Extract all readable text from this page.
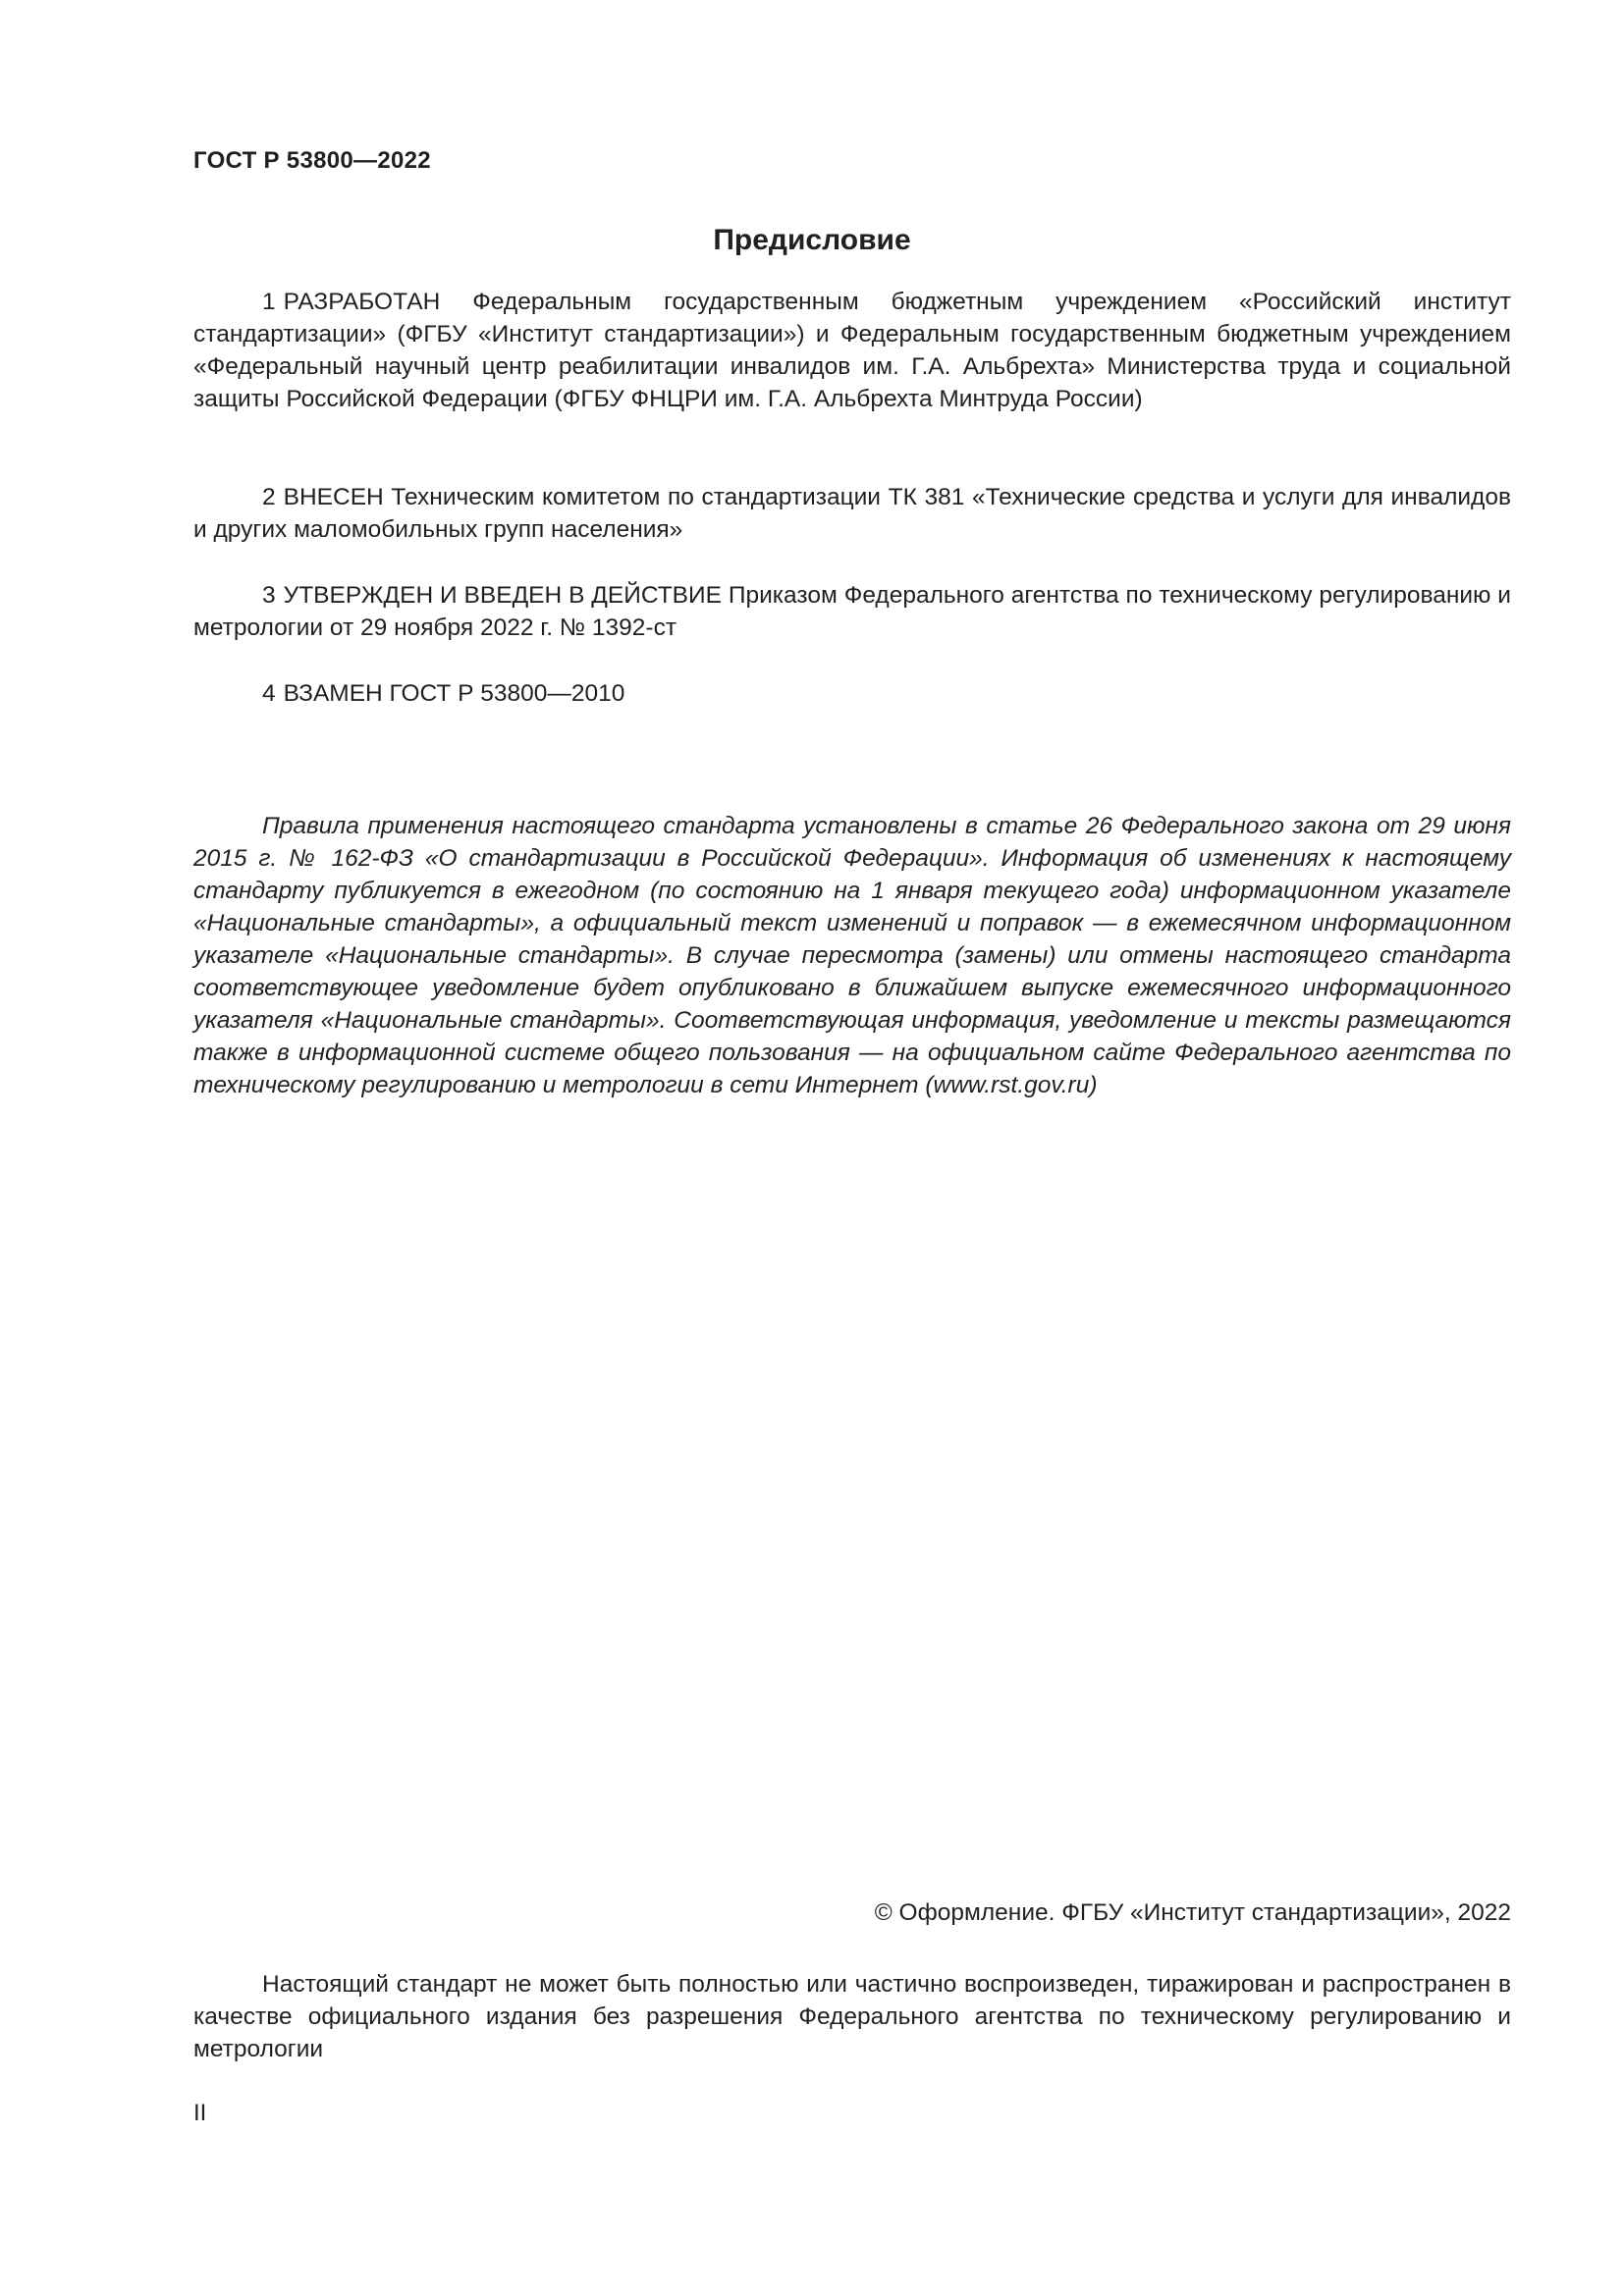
ГОСТ Р 53800—2022
Предисловие

1 РАЗРАБОТАН Федеральным государственным бюджетным учреждением «Российский институт стандартизации» (ФГБУ «Институт стандартизации») и Федеральным государственным бюджетным учреждением «Федеральный научный центр реабилитации инвалидов им. Г.А. Альбрехта» Министерства труда и социальной защиты Российской Федерации (ФГБУ ФНЦРИ им. Г.А. Альбрехта Минтруда России)

2 ВНЕСЕН Техническим комитетом по стандартизации ТК 381 «Технические средства и услуги для инвалидов и других маломобильных групп населения»

3 УТВЕРЖДЕН И ВВЕДЕН В ДЕЙСТВИЕ Приказом Федерального агентства по техническому регулированию и метрологии от 29 ноября 2022 г. № 1392-ст

4 ВЗАМЕН ГОСТ Р 53800—2010

Правила применения настоящего стандарта установлены в статье 26 Федерального закона от 29 июня 2015 г. № 162-ФЗ «О стандартизации в Российской Федерации». Информация об изменениях к настоящему стандарту публикуется в ежегодном (по состоянию на 1 января текущего года) информационном указателе «Национальные стандарты», а официальный текст изменений и поправок — в ежемесячном информационном указателе «Национальные стандарты». В случае пересмотра (замены) или отмены настоящего стандарта соответствующее уведомление будет опубликовано в ближайшем выпуске ежемесячного информационного указателя «Национальные стандарты». Соответствующая информация, уведомление и тексты размещаются также в информационной системе общего пользования — на официальном сайте Федерального агентства по техническому регулированию и метрологии в сети Интернет (www.rst.gov.ru)

© Оформление. ФГБУ «Институт стандартизации», 2022

Настоящий стандарт не может быть полностью или частично воспроизведен, тиражирован и распространен в качестве официального издания без разрешения Федерального агентства по техническому регулированию и метрологии

II
